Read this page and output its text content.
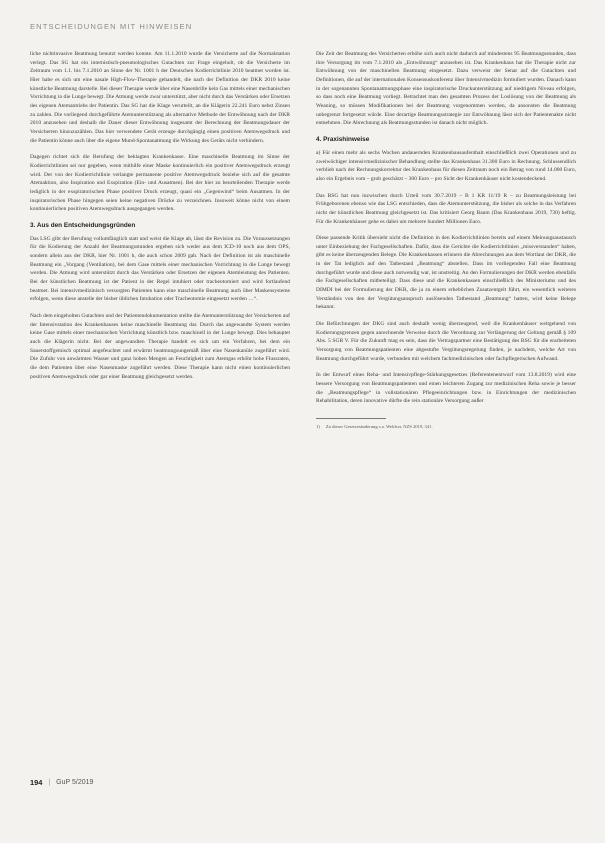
ENTSCHEIDUNGEN MIT HINWEISEN

liche nichtinvasive Beatmung benutzt werden konnte. Am 11.1.2010 wurde die Versicherte auf die Normalstation verlegt. Das SG hat ein internistisch-pneumologisches Gutachten zur Frage eingeholt, ob die Versicherte im Zeitraum vom 1.1. bis 7.1.2010 an Sinne der Nr. 1001 h der Deutschen Kodierrichtlinie 2010 beatmet worden ist. Hier habe es sich um eine nasale High-Flow-Therapie gehandelt, die nach der Definition der DKR 2010 keine künstliche Beatmung darstelle. Bei dieser Therapie werde über eine Nasenbrille kein Gas mittels einer mechanischen Vorrichtung in die Lunge bewegt. Die Atmung werde zwar unterstützt, aber nicht durch das Verstärken oder Ersetzen des eigenen Atemantriebs der Patientin. Das SG hat die Klage verurteilt, an die Klägerin 22.241 Euro nebst Zinsen zu zahlen. Die vorliegend durchgeführte Atemunterstützung als alternative Methode der Entwöhnung nach der DKR 2010 anzusehen und deshalb die Dauer dieser Entwöhnung insgesamt der Berechnung der Beatmungsdauer der Versicherten hinzuzuzählen. Das hier verwendete Gerät erzeuge durchgängig einen positiven Atemwegsdruck und die Patientin könne auch über die eigene Mund-Spontanatmung die Wirkung des Geräts nicht verhindern.

Dagegen richtet sich die Berufung der beklagten Krankenkasse. Eine maschinelle Beatmung im Sinne der Kodierrichtlinien sei nur gegeben, wenn mithilfe einer Maske kontinuierlich ein positiver Atemwegsdruck erzeugt wird. Der von der Kodierrichtlinie verlangte permanente positive Atemwegsdruck beziehe sich auf die gesamte Atemaktion, also Inspiration und Exspiration (Ein- und Ausatmen). Bei der hier zu beurteilenden Therapie werde lediglich in der exspiratorischen Phase positiver Druck erzeugt, quasi ein „Gegenwind“ beim Ausatmen. In der inspiratorischen Phase hingegen seien keine negativen Drücke zu verzeichnen. Insoweit könne nicht von einem kontinuierlichen positiven Atemwegsdruck ausgegangen werden.

3. Aus den Entscheidungsgründen

Das LSG gibt der Berufung vollumfänglich statt und weist die Klage ab, lässt die Revision zu. Die Voraussetzungen für die Kodierung der Anzahl der Beatmungsstunden ergeben sich weder aus dem ICD-10 noch aus dem OPS, sondern allein aus der DKR, hier Nr. 1001 h, die auch schon 2009 gab. Nach der Definition ist als maschinelle Beatmung ein „Vorgang (Ventilation), bei dem Gase mittels einer mechanischen Vorrichtung in die Lunge bewegt werden. Die Atmung wird unterstützt durch das Verstärken oder Ersetzen der eigenen Atemleistung des Patienten. Bei der künstlichen Beatmung ist der Patient in der Regel intubiert oder tracheotomiert und wird fortlaufend beatmet. Bei intensivmedizinisch versorgten Patienten kann eine maschinelle Beatmung auch über Maskensysteme erfolgen, wenn diese anstelle der bisher üblichen Intubation oder Tracheotomie eingesetzt werden …“.

Nach dem eingeholten Gutachten und der Patientendokumentation stellte die Atemunterstützung der Versicherten auf der Intensivstation des Krankenhauses keine maschinelle Beatmung dar. Durch das angewandte System werden keine Gase mittels einer mechanischen Vorrichtung künstlich bzw. maschinell in der Lunge bewegt. Dies behauptet auch die Klägerin nicht. Bei der angewandten Therapie handelt es sich um ein Verfahren, bei dem ein Sauerstoffgemisch optimal angefeuchtet und erwärmt beatmungsungemäß über eine Nasenkanüle zugeführt wird. Die Zufuhr von anwärmten Wasser und ganz hohen Mengen an Feuchtigkeit zum Atemgas erhöht hohe Flussraten, die dem Patienten über eine Nasenmaske zugeführt werden. Diese Therapie kann nicht einen kontinuierlichen positiven Atemwegsdruck oder gar einer Beatmung gleichgesetzt werden.

Die Zeit der Beatmung des Versicherten erhöhe sich auch nicht dadurch auf mindestens 95 Beatmungsstunden, dass ihre Versorgung im vom 7.1.2010 als „Entwöhnung“ anzusehen ist. Das Krankenhaus hat die Therapie nicht zur Entwöhnung von der maschinellen Beatmung eingesetzt. Dazu verweist der Senat auf die Gutachten und Definitionen, die auf der internationalen Konsensuskonferenz über Intensivmedizin formuliert wurden. Danach kann in der sogenannten Spontanatmungsphase eine inspiratorische Druckunterstützung auf niedrigem Niveau erfolgen, so dass noch eine Beatmung vorliegt. Betrachtet man den gesamten Prozess der Loslösung von der Beatmung als Weaning, so müssen Modifikationen bei der Beatmung vorgenommen werden, da ansonsten die Beatmung unbegrenzt fortgesetzt würde. Eine derartige Beatmungsstrategie zur Entwöhnung lässt sich der Patientenakte nicht entnehmen. Die Abrechnung als Beatmungsstunden ist danach nicht möglich.

4. Praxishinweise

a) Für einen mehr als sechs Wochen andauernden Krankenhausaufenthalt einschließlich zwei Operationen und zu zweiwöchiger intensivmedizinischer Behandlung stellte das Krankenhaus 31.300 Euro in Rechnung. Schlussendlich verblieb nach der Rechnungskorrektur des Krankenhaus für diesen Zeitraum noch ein Betrag von rund 14.000 Euro, also ein Ergebnis vom – grob geschätzt – 300 Euro – pro Sicht der Krankenhäuser nicht kostendeckend.

Das BSG hat nun inzwischen durch Urteil vom 30.7.2019 – B 1 KR 11/19 R – zu Beatmungsleistung bei Frühgeborenen ebenso wie das LSG entschieden, dass die Atemunterstützung, die bisher als solche in das Verfahren nicht der künstlichen Beatmung gleichgesetzt ist. Das kritisiert Georg Baum (Das Krankenhaus 2019, 730) heftig. Für die Krankenhäuser gehe es dabei um mehrere hundert Millionen Euro.

Diese passende Kritik übersieht nicht die Definition in den Kodierrichtlinien bereits auf einem Meinungsaustausch unter Einbeziehung der Fachgesellschaften. Dafür, dass die Gerichte die Kodierrichtlinien „missverstanden“ haben, gibt es keine überzeugenden Belege. Die Krankenkassen erinnern die Abrechnungen aus dem Wortlaut der DKR, die in der Tat lediglich auf den Tatbestand „Beatmung“ abstellen. Dass im vorliegenden Fall eine Beatmung durchgeführt wurde und diese auch notwendig war, ist unstreitig. An den Formulierungen der DKR werden ebenfalls die Fachgesellschaften mitbeteiligt. Dass diese und die Krankenkassen einschließlich des Ministeriums und des DIMDI bei der Formulierung der DKR, die ja zu einem erheblichen Zusatzentgelt führt, ein wesentlich weiteres Verständnis von den der Vergütungsanspruch auslösenden Tatbestand „Beatmung“ hatten, wird keine Belege bekannt.

Die Befürchtungen der DKG sind auch deshalb wenig überzeugend, weil die Krankenhäuser weitgehend von Kodierungsgrenzen gegen anrechnende Verweise durch die Verordnung zur Verlängerung der Geltung gemäß § 109 Abs. 5 SGB V. Für die Zukunft mag es sein, dass die Vertragspartner eine Bestätigung des BSG für die erarbeiteten Versorgung von Beatmungspatienten eine abgestufte Vergütungsregelung finden, je nachdem, welche Art von Beatmung durchgeführt wurde, verbunden mit welchem fachmedizinischen oder fachpflegerischen Aufwand.

In der Entwurf eines Reha- und Intensivpflege-Stärkungsgesetzes (Referentenentwurf vom 13.8.2019) wird eine bessere Versorgung von Beatmungspatienten und einen leichteren Zugang zur medizinischen Reha sowie je besser die „Beatmungspflege“ in vollstationären Pflegeeinrichtungen bzw. in Einrichtungen der medizinischen Rehabilitation, deren innovative dürfte die rein stationäre Versorgung außer

1) Zu dieser Gesetzesänderung s.a. Welcker, NZS 2019, 341.
194 | GuP 5/2019
